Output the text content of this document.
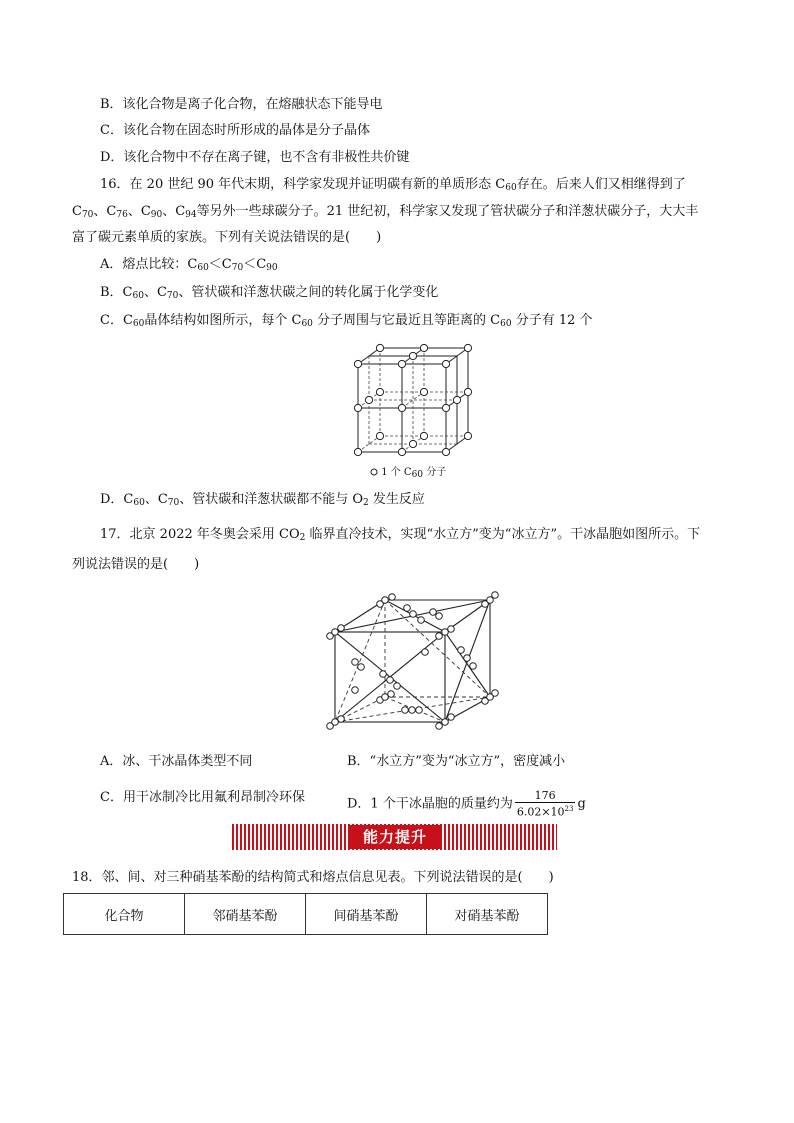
B．该化合物是离子化合物，在熔融状态下能导电
C．该化合物在固态时所形成的晶体是分子晶体
D．该化合物中不存在离子键，也不含有非极性共价键
16．在 20 世纪 90 年代末期，科学家发现并证明碳有新的单质形态 $C_{60}$存在。后来人们又相继得到了
$C_{70}$、$C_{76}$、$C_{90}$、$C_{94}$等另外一些球碳分子。21 世纪初，科学家又发现了管状碳分子和洋葱状碳分子，大大丰
富了碳元素单质的家族。下列有关说法错误的是(　　)
A．熔点比较：$C_{60}<C_{70}<C_{90}$
B．$C_{60}$、$C_{70}$、管状碳和洋葱状碳之间的转化属于化学变化
C．$C_{60}$晶体结构如图所示，每个 $C_{60}$ 分子周围与它最近且等距离的 $C_{60}$ 分子有 12 个
1 个 $C_{60}$ 分子
D．$C_{60}$、$C_{70}$、管状碳和洋葱状碳都不能与 $O_2$ 发生反应
17．北京 2022 年冬奥会采用 $CO_2$ 临界直冷技术，实现“水立方”变为“冰立方”。干冰晶胞如图所示。下
列说法错误的是(　　)
A．冰、干冰晶体类型不同	B．“水立方”变为“冰立方”，密度减小
C．用干冰制冷比用氟利昂制冷环保	D．1 个干冰晶胞的质量约为 $\frac{176}{6.02\times 10^{23}}$ g
能力提升
18．邻、间、对三种硝基苯酚的结构简式和熔点信息见表。下列说法错误的是(　　)
化合物	邻硝基苯酚	间硝基苯酚	对硝基苯酚
